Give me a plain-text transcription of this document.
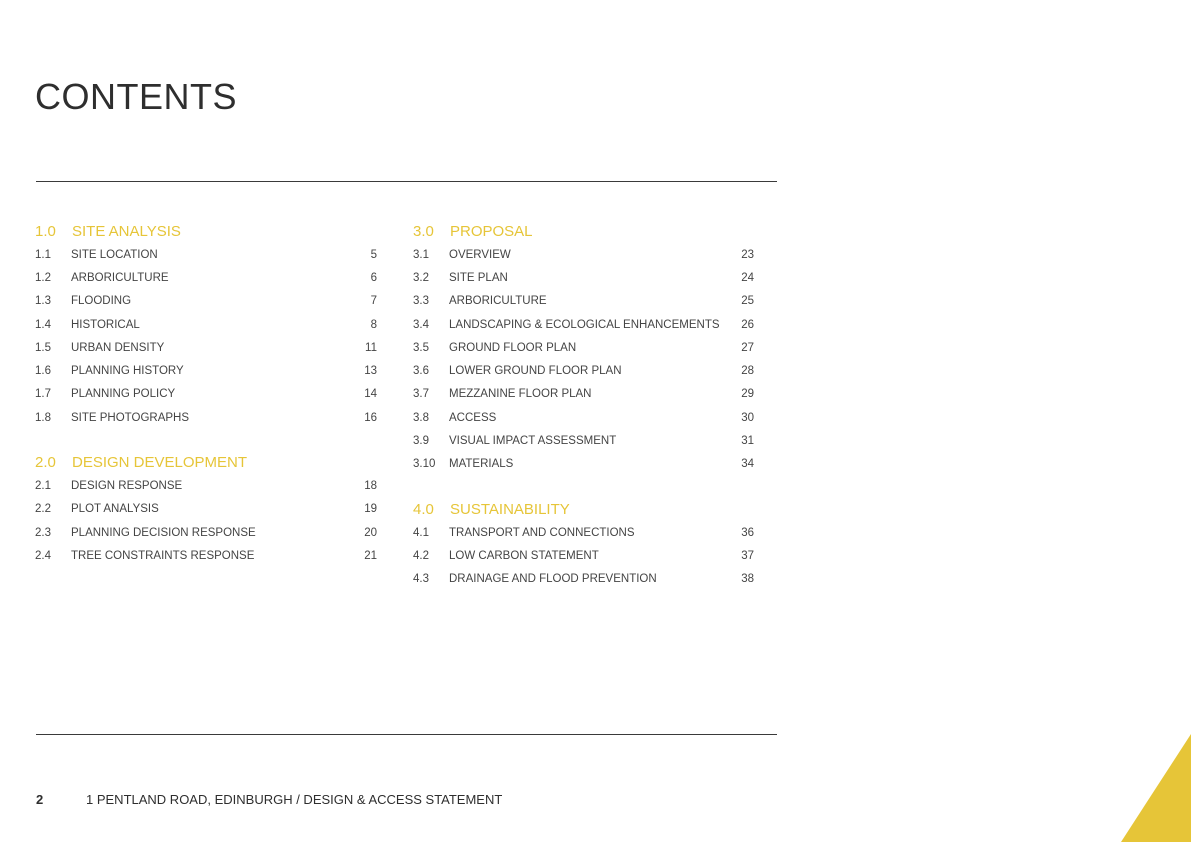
CONTENTS
1.0	SITE ANALYSIS
1.1	SITE LOCATION	5
1.2	ARBORICULTURE	6
1.3	FLOODING	7
1.4	HISTORICAL	8
1.5	URBAN DENSITY	11
1.6	PLANNING HISTORY	13
1.7	PLANNING POLICY	14
1.8	SITE PHOTOGRAPHS	16
2.0	DESIGN DEVELOPMENT
2.1	DESIGN RESPONSE	18
2.2	PLOT ANALYSIS	19
2.3	PLANNING DECISION RESPONSE	20
2.4	TREE CONSTRAINTS RESPONSE	21
3.0	PROPOSAL
3.1	OVERVIEW	23
3.2	SITE PLAN	24
3.3	ARBORICULTURE	25
3.4	LANDSCAPING & ECOLOGICAL ENHANCEMENTS	26
3.5	GROUND FLOOR PLAN	27
3.6	LOWER GROUND FLOOR PLAN	28
3.7	MEZZANINE FLOOR PLAN	29
3.8	ACCESS	30
3.9	VISUAL IMPACT ASSESSMENT	31
3.10	MATERIALS	34
4.0	SUSTAINABILITY
4.1	TRANSPORT AND CONNECTIONS	36
4.2	LOW CARBON STATEMENT	37
4.3	DRAINAGE AND FLOOD PREVENTION	38
2	1 PENTLAND ROAD, EDINBURGH / DESIGN & ACCESS STATEMENT
